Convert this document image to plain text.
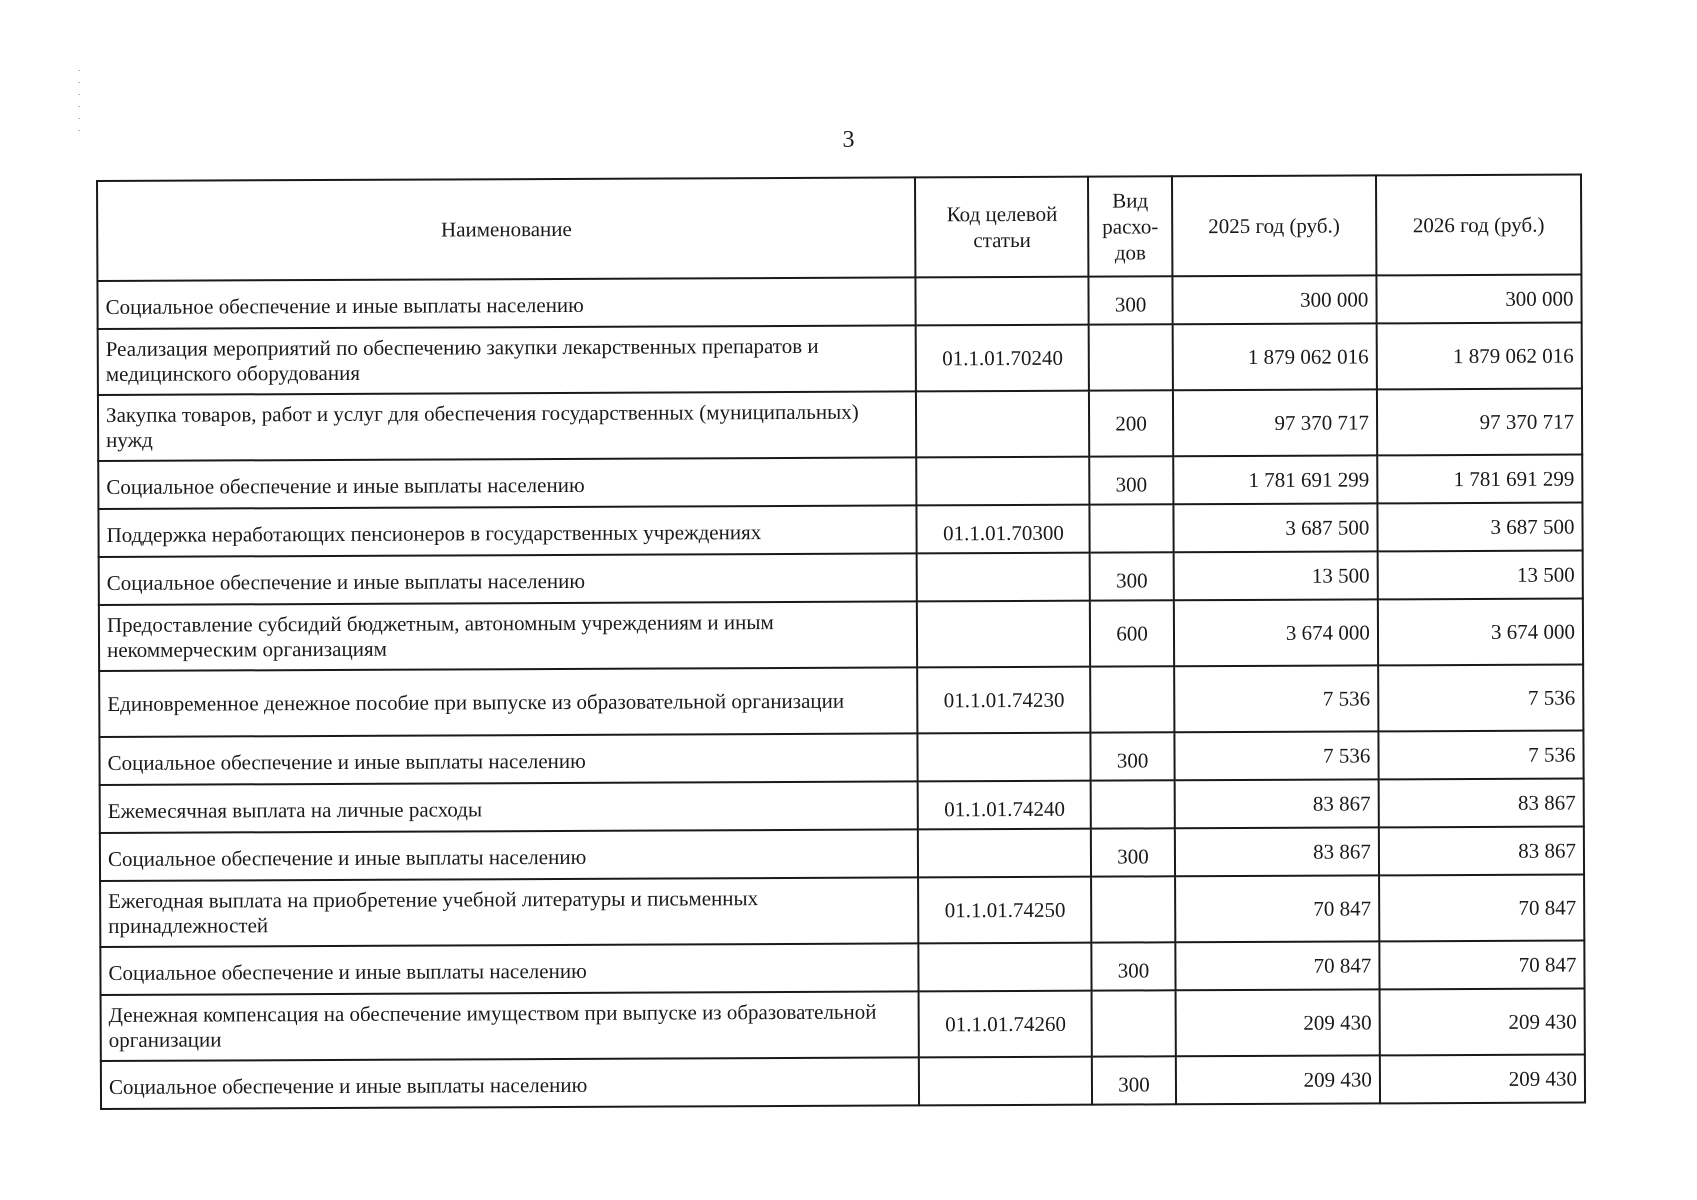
3
Наименование	Код целевой статьи	Вид расхо- дов	2025 год (руб.)	2026 год (руб.)
Социальное обеспечение и иные выплаты населению		300	300 000	300 000
Реализация мероприятий по обеспечению закупки лекарственных препаратов и медицинского оборудования	01.1.01.70240		1 879 062 016	1 879 062 016
Закупка товаров, работ и услуг для обеспечения государственных (муниципальных) нужд		200	97 370 717	97 370 717
Социальное обеспечение и иные выплаты населению		300	1 781 691 299	1 781 691 299
Поддержка неработающих пенсионеров в государственных учреждениях	01.1.01.70300		3 687 500	3 687 500
Социальное обеспечение и иные выплаты населению		300	13 500	13 500
Предоставление субсидий бюджетным, автономным учреждениям и иным некоммерческим организациям		600	3 674 000	3 674 000
Единовременное денежное пособие при выпуске из образовательной организации	01.1.01.74230		7 536	7 536
Социальное обеспечение и иные выплаты населению		300	7 536	7 536
Ежемесячная выплата на личные расходы	01.1.01.74240		83 867	83 867
Социальное обеспечение и иные выплаты населению		300	83 867	83 867
Ежегодная выплата на приобретение учебной литературы и письменных принадлежностей	01.1.01.74250		70 847	70 847
Социальное обеспечение и иные выплаты населению		300	70 847	70 847
Денежная компенсация на обеспечение имуществом при выпуске из образовательной организации	01.1.01.74260		209 430	209 430
Социальное обеспечение и иные выплаты населению		300	209 430	209 430
